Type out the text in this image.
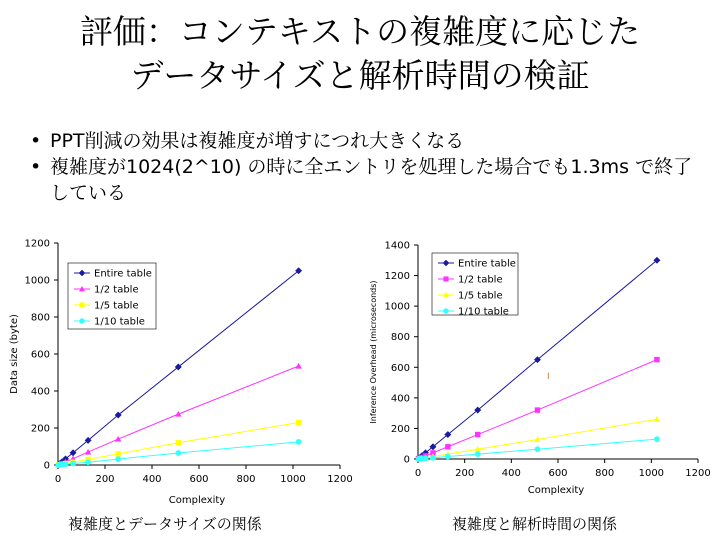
評価：コンテキストの複雑度に応じた
データサイズと解析時間の検証
• PPT削減の効果は複雑度が増すにつれ大きくなる
• 複雑度が1024(2^10) の時に全エントリを処理した場合でも1.3ms で終了している
0
200
400
600
800
1000
1200
0	200	400	600	800 1000 1200
Complexity
Data size (byte)
Entire table
1/2 table
1/5 table
1/10 table
0
200
400
600
800
1000
1200
1400
0	200	400	600	800 1000 1200
Complexity
Inference Overhead (microseconds)
Entire table
1/2 table
1/5 table
1/10 table
I
複雑度とデータサイズの関係	複雑度と解析時間の関係
